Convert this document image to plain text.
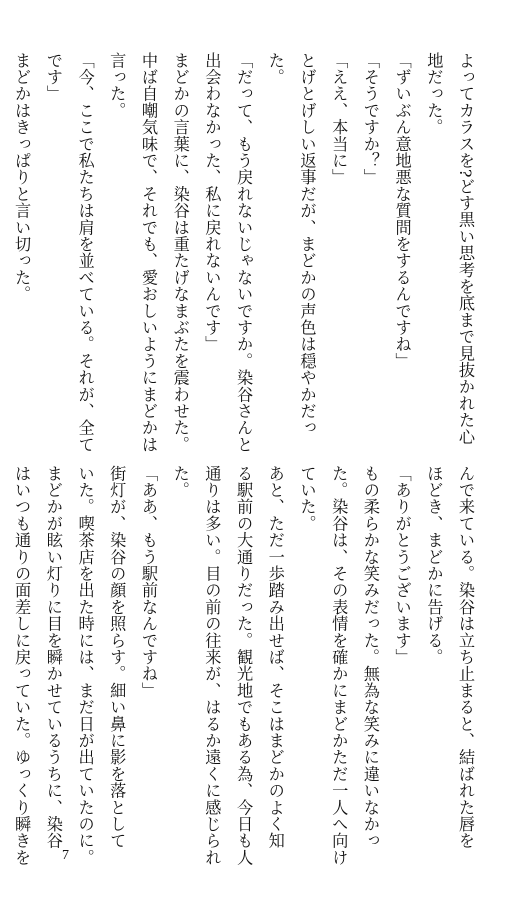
よってカラスを?どす黒い思考を底まで見抜かれた心
地だった。
「ずいぶん意地悪な質問をするんですね」
「そうですか？」
「ええ、本当に」
とげとげしい返事だが、まどかの声色は穏やかだっ
た。
「だって、もう戻れないじゃないですか。染谷さんと
出会わなかった、私に戻れないんです」
まどかの言葉に、染谷は重たげなまぶたを震わせた。
中ば自嘲気味で、それでも、愛おしいようにまどかは
言った。
「今、ここで私たちは肩を並べている。それが、全て
です」
まどかはきっぱりと言い切った。
んで来ている。染谷は立ち止まると、結ばれた唇を
ほどき、まどかに告げる。
「ありがとうございます」
もの柔らかな笑みだった。無為な笑みに違いなかっ
た。染谷は、その表情を確かにまどかただ一人へ向け
ていた。
あと、ただ一歩踏み出せば、そこはまどかのよく知
る駅前の大通りだった。観光地でもある為、今日も人
通りは多い。目の前の往来が、はるか遠くに感じられ
た。
「ああ、もう駅前なんですね」
街灯が、染谷の顔を照らす。細い鼻に影を落として
いた。喫茶店を出た時には、まだ日が出ていたのに。
まどかが眩い灯りに目を瞬かせているうちに、染谷
はいつも通りの面差しに戻っていた。ゆっくり瞬きを	7
